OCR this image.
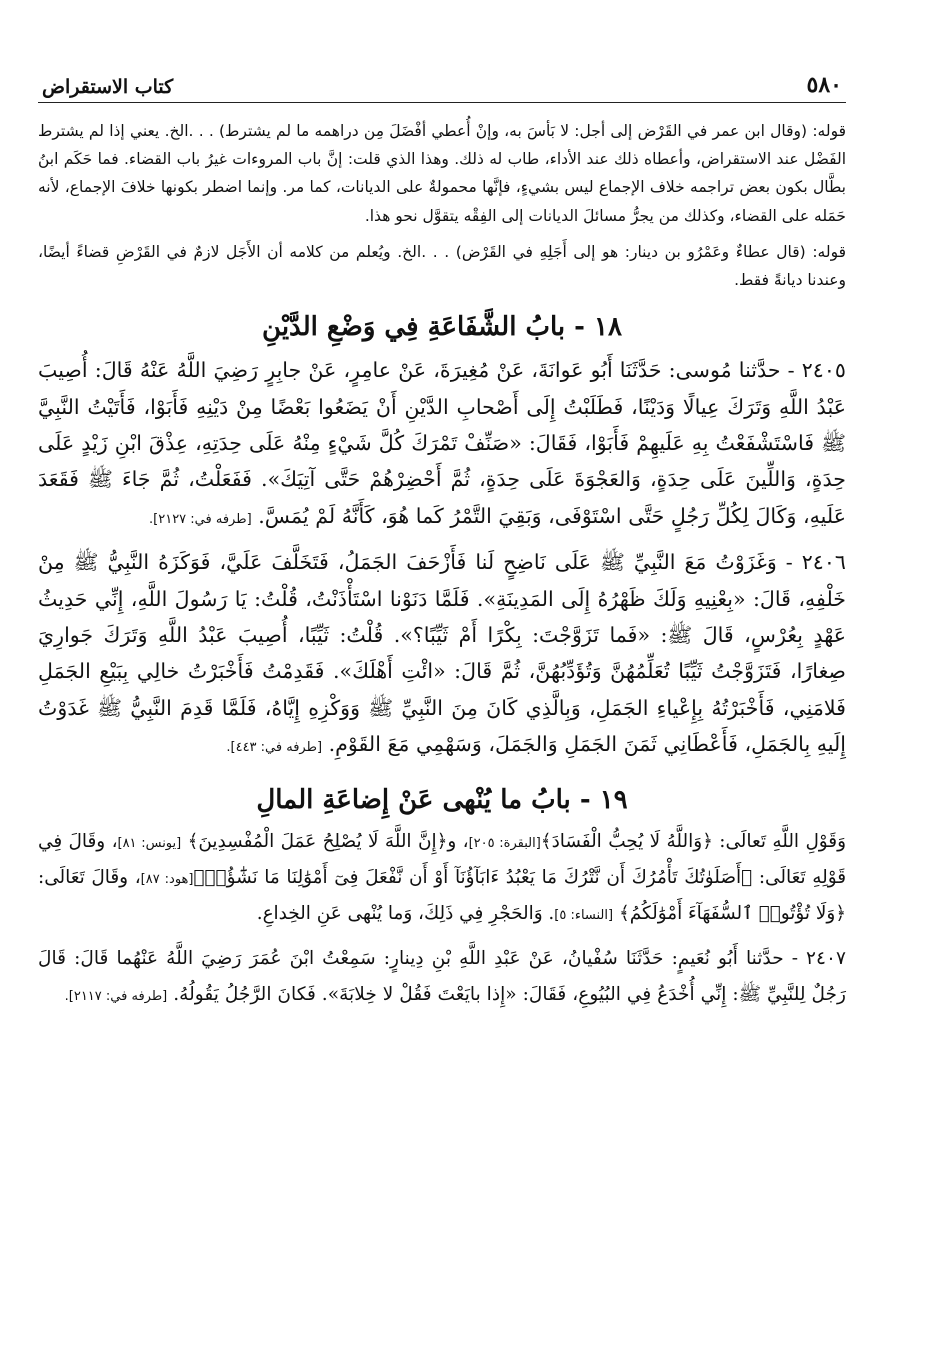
٥٨٠
كتاب الاستقراض

قوله: (وقال ابن عمر في القَرْض إلى أجل: لا بَأسَ به، وإنْ أُعطي أفْضَلَ مِن دراهمه ما لم يشترط) . . .الخ. يعني إذا لم يشترط الفَضْل عند الاستقراض، وأعطاه ذلك عند الأداء، طاب له ذلك. وهذا الذي قلت: إنَّ باب المروءات غيرُ باب القضاء. فما حَكَم ابنُ بطَّال بكون بعض تراجمه خلاف الإجماع ليس بشيءٍ، فإنَّها محمولةٌ على الديانات، كما مر. وإنما اضطر بكونها خلافَ الإجماع، لأنه حَمَله على القضاء، وكذلك من يجرُّ مسائلَ الديانات إلى الفِقْه يتقوَّل نحو هذا.

قوله: (قال عطاءٌ وعَمْرُو بن دينار: هو إلى أَجَلِهِ في القَرْض) . . .الخ. ويُعلم من كلامه أن الأَجَل لازمٌ في القَرْضِ قضاءً أيضًا، وعندنا ديانةً فقط.

١٨ - بابُ الشَّفَاعَةِ فِي وَضْعِ الدَّيْنِ

٢٤٠٥ - حدَّثنا مُوسى: حَدَّثَنَا أَبُو عَوانَةَ، عَنْ مُغِيرَةَ، عَنْ عامِرٍ، عَنْ جابِرٍ رَضِيَ اللَّهُ عَنْهُ قَالَ: أُصِيبَ عَبْدُ اللَّهِ وَتَرَكَ عِيالًا وَدَيْنًا، فَطَلَبْتُ إِلَى أَصْحابِ الدَّيْنِ أَنْ يَضَعُوا بَعْضًا مِنْ دَيْنِهِ فَأَبَوْا، فَأَتَيْتُ النَّبِيَّ ﷺ فَاسْتَشْفَعْتُ بِهِ عَلَيهِمْ فَأَبَوْا، فَقَالَ: «صَنِّفْ تَمْرَكَ كُلَّ شَيْءٍ مِنْهُ عَلَى حِدَتِهِ، عِذْقَ ابْنِ زَيْدٍ عَلَى حِدَةٍ، وَاللِّينَ عَلَى حِدَةٍ، وَالعَجْوَةَ عَلَى حِدَةٍ، ثُمَّ أَحْضِرْهُمْ حَتَّى آتِيَكَ». فَفَعَلْتُ، ثُمَّ جَاءَ ﷺ فَقَعَدَ عَلَيهِ، وَكَالَ لِكُلِّ رَجُلٍ حَتَّى اسْتَوْفَى، وَبَقِيَ التَّمْرُ كَما هُوَ، كَأَنَّهُ لَمْ يُمَسَّ. [طرفه في: ٢١٢٧].

٢٤٠٦ - وَغَزَوْتُ مَعَ النَّبِيِّ ﷺ عَلَى نَاضِحٍ لَنا فَأَزْحَفَ الجَمَلُ، فَتَخَلَّفَ عَلَيَّ، فَوَكَزَهُ النَّبِيُّ ﷺ مِنْ خَلْفِهِ، قَالَ: «بِعْنِيهِ وَلَكَ ظَهْرُهُ إِلَى المَدِينَةِ». فَلَمَّا دَنَوْنا اسْتَأْذَنْتُ، قُلْتُ: يَا رَسُولَ اللَّهِ، إِنِّي حَدِيثُ عَهْدٍ بِعُرْسٍ، قَالَ ﷺ: «فَما تَزَوَّجْتَ: بِكْرًا أَمْ ثَيِّبًا؟». قُلْتُ: ثَيِّبًا، أُصِيبَ عَبْدُ اللَّهِ وَتَرَكَ جَوارِيَ صِغارًا، فَتَزَوَّجْتُ ثَيِّبًا تُعَلِّمُهُنَّ وَتُؤَدِّبُهُنَّ، ثُمَّ قَالَ: «ائْتِ أَهْلَكَ». فَقَدِمْتُ فَأَخْبَرْتُ خالِي بِبَيْعِ الجَمَلِ فَلامَنِي، فَأَخْبَرْتُهُ بِإِعْياءِ الجَمَلِ، وَبِالَّذِي كَانَ مِنَ النَّبِيِّ ﷺ وَوَكْزِهِ إِيَّاهُ، فَلَمَّا قَدِمَ النَّبِيُّ ﷺ غَدَوْتُ إِلَيهِ بِالجَمَلِ، فَأَعْطَانِي ثَمَنَ الجَمَلِ وَالجَمَلَ، وَسَهْمِي مَعَ القَوْمِ. [طرفه في: ٤٤٣].

١٩ - بابُ ما يُنْهى عَنْ إِضاعَةِ المالِ

وَقَوْلِ اللَّهِ تَعالَى: ﴿وَاللَّهُ لَا يُحِبُّ الْفَسَادَ﴾[البقرة: ٢٠٥]، و﴿إِنَّ اللَّهَ لَا يُصْلِحُ عَمَلَ الْمُفْسِدِينَ﴾ [يونس: ٨١]، وقَالَ فِي قَوْلِهِ تَعَالَى: ﴿أَصَلَوٰتُكَ تَأْمُرُكَ أَن نَّتْرُكَ مَا يَعْبُدُ ءَابَآؤُنَآ أَوْ أَن نَّفْعَلَ فِىٓ أَمْوَٰلِنَا مَا نَشَٰٓؤُا۟﴾[هود: ٨٧]، وقَالَ تَعَالَى: ﴿وَلَا تُؤْتُوا۟ ٱلسُّفَهَآءَ أَمْوَٰلَكُمُ﴾ [النساء: ٥]. وَالحَجْرِ فِي ذَلِكَ، وَما يُنْهى عَنِ الخِداعِ.

٢٤٠٧ - حدَّثنا أَبُو نُعَيمٍ: حَدَّثَنَا سُفْيانُ، عَنْ عَبْدِ اللَّهِ بْنِ دِينارٍ: سَمِعْتُ ابْنَ عُمَرَ رَضِيَ اللَّهُ عَنْهُما قَالَ: قَالَ رَجُلٌ لِلنَّبِيِّ ﷺ: إِنِّي أُخْدَعُ فِي البُيُوعِ، فَقَالَ: «إِذا بايَعْتَ فَقُلْ لا خِلابَةَ». فَكانَ الرَّجُلُ يَقُولُهُ. [طرفه في: ٢١١٧].
